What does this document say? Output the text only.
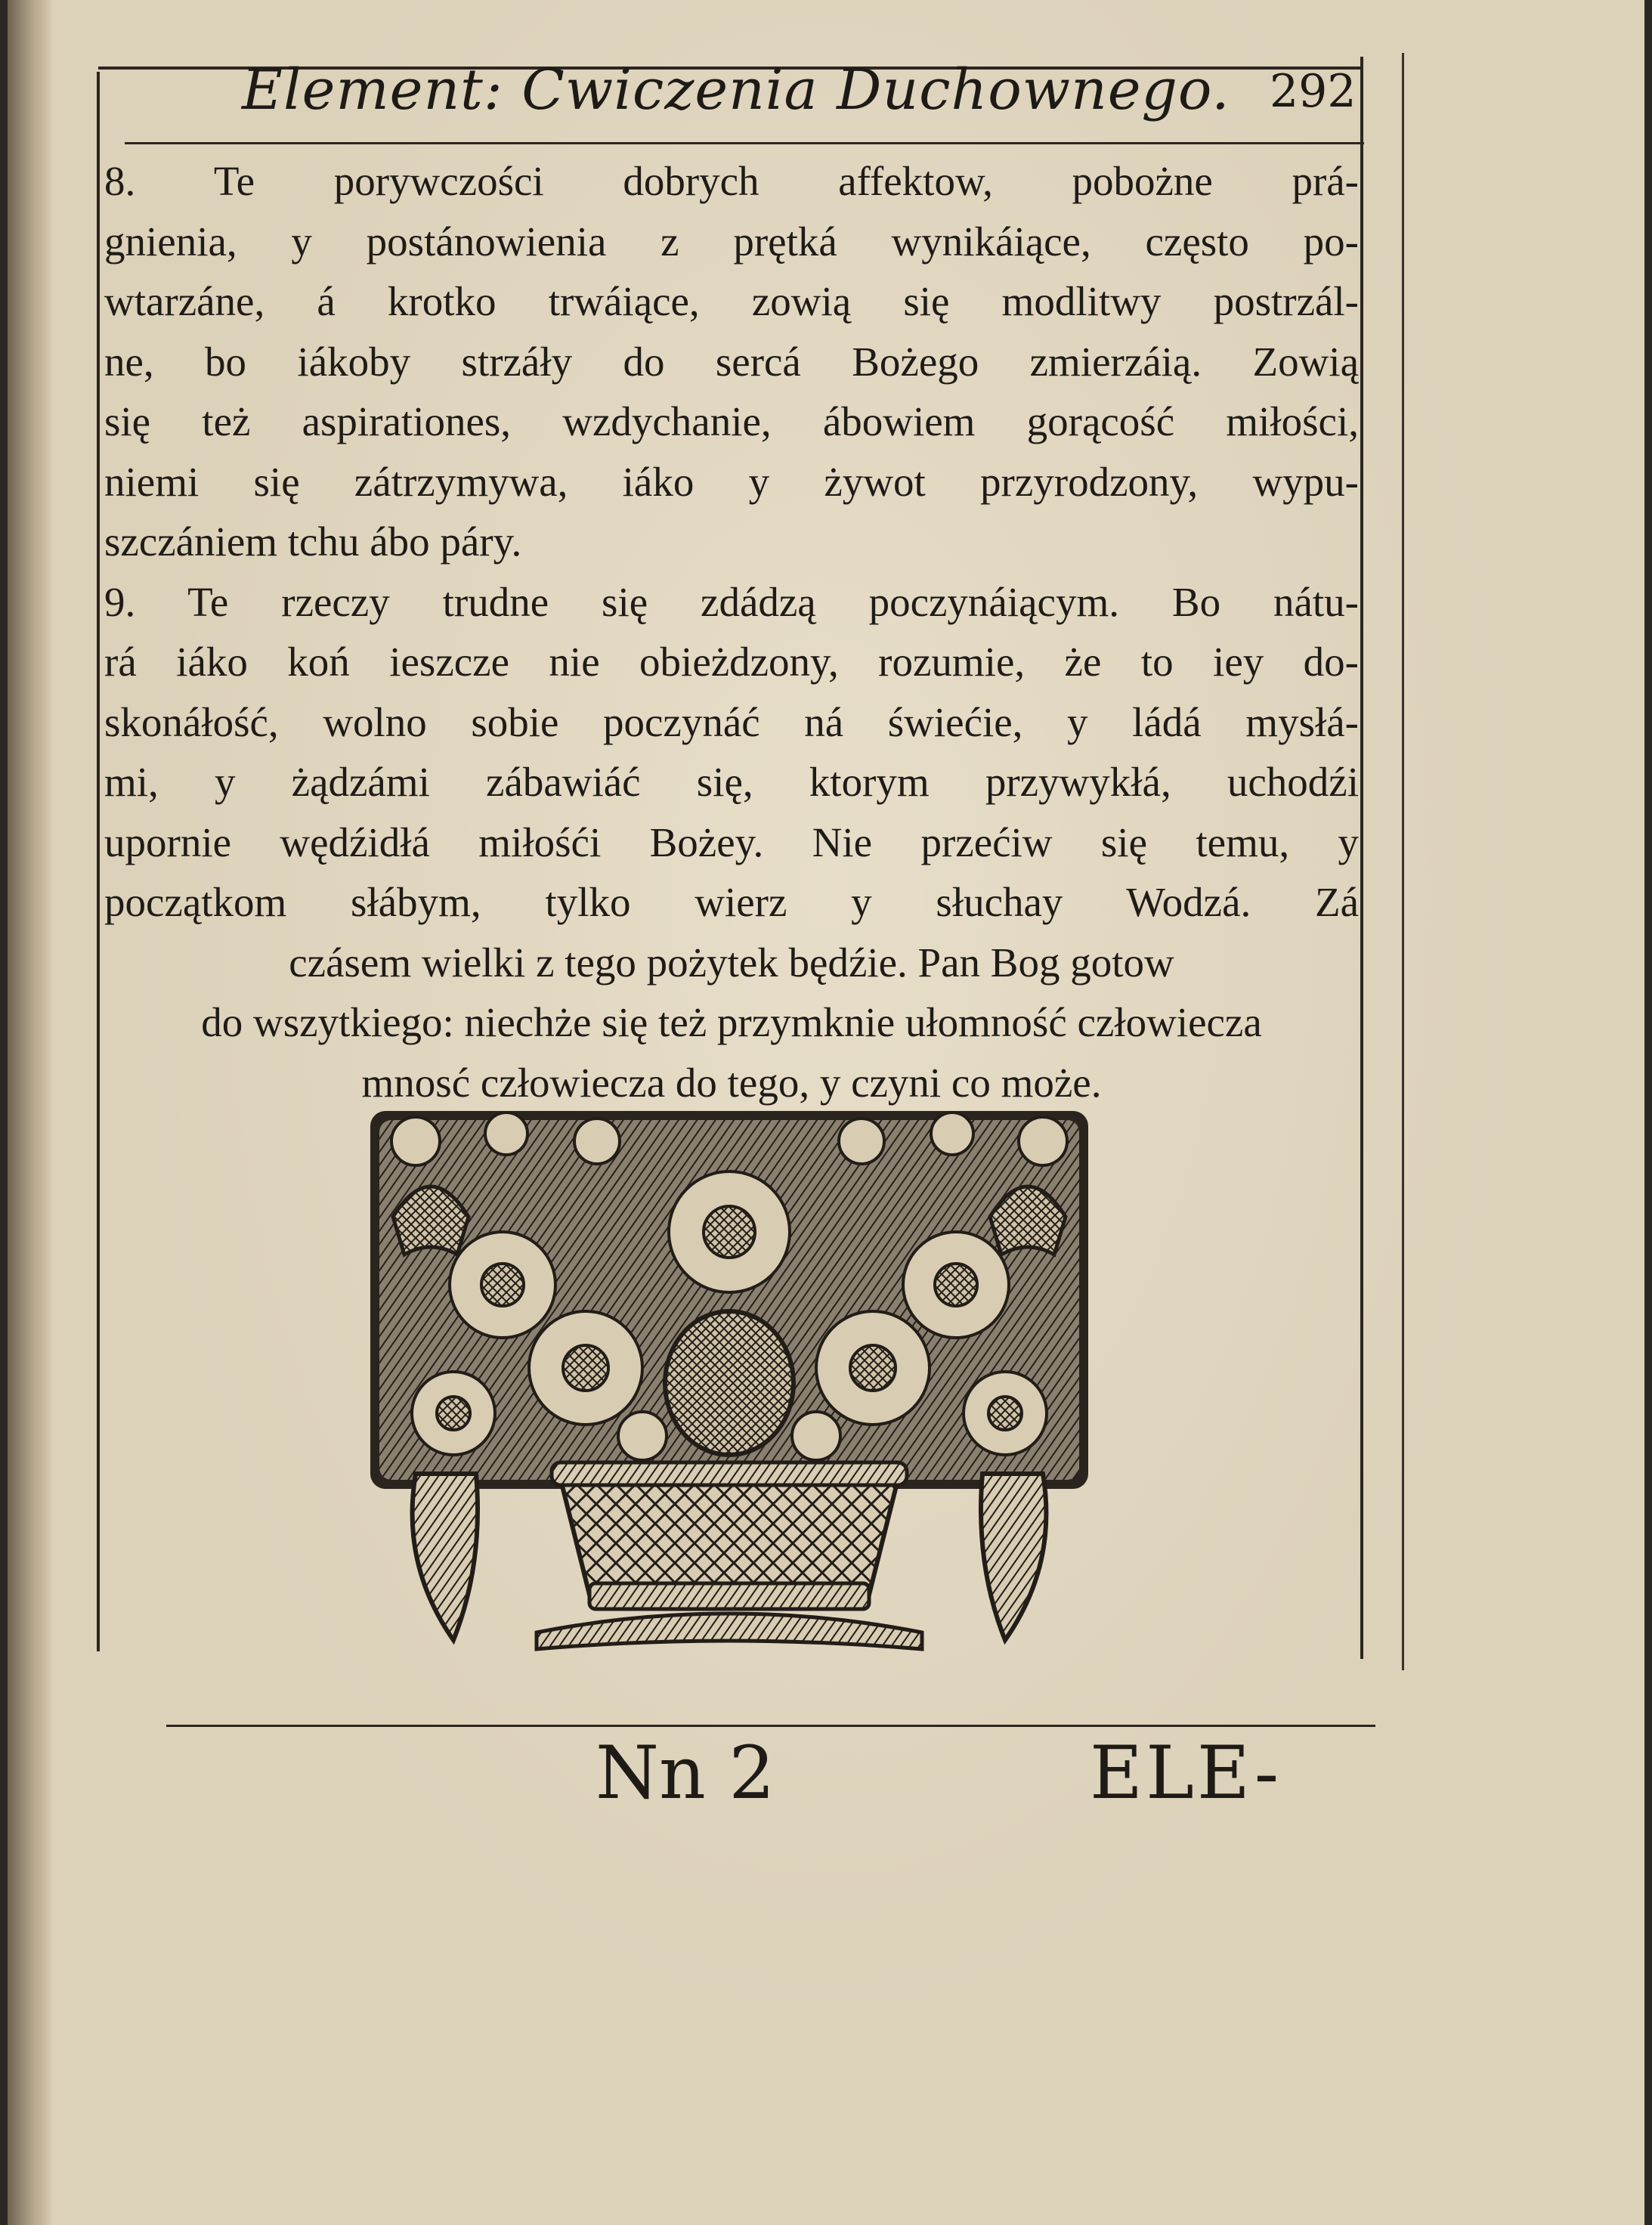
Element: Cwiczenia Duchownego. 292
8. Te porywczości dobrych affektow, pobożne prá-
gnienia, y postánowienia z prętká wynikáiące, często po-
wtarzáne, á krotko trwáiące, zowią się modlitwy postrzál-
ne, bo iákoby strzáły do sercá Bożego zmierzáią. Zowią
się też aspirationes, wzdychanie, ábowiem gorącość miłości,
niemi się zátrzymywa, iáko y żywot przyrodzony, wypu-
szczániem tchu ábo páry.
9. Te rzeczy trudne się zdádzą poczynáiącym. Bo nátu-
rá iáko koń ieszcze nie obieżdzony, rozumie, że to iey do-
skonáłość, wolno sobie poczynáć ná świećie, y ládá mysłá-
mi, y żądzámi zábawiáć się, ktorym przywykłá, uchodźi
upornie wędźidłá miłośći Bożey. Nie przećiw się temu, y
początkom słábym, tylko wierz y słuchay Wodzá. Zá
czásem wielki z tego pożytek będźie. Pan Bog gotow
do wszytkiego: niechże się też przymknie ułomność człowiecza
mnosć człowiecza do tego, y czyni co może.
Nn 2	ELE-
